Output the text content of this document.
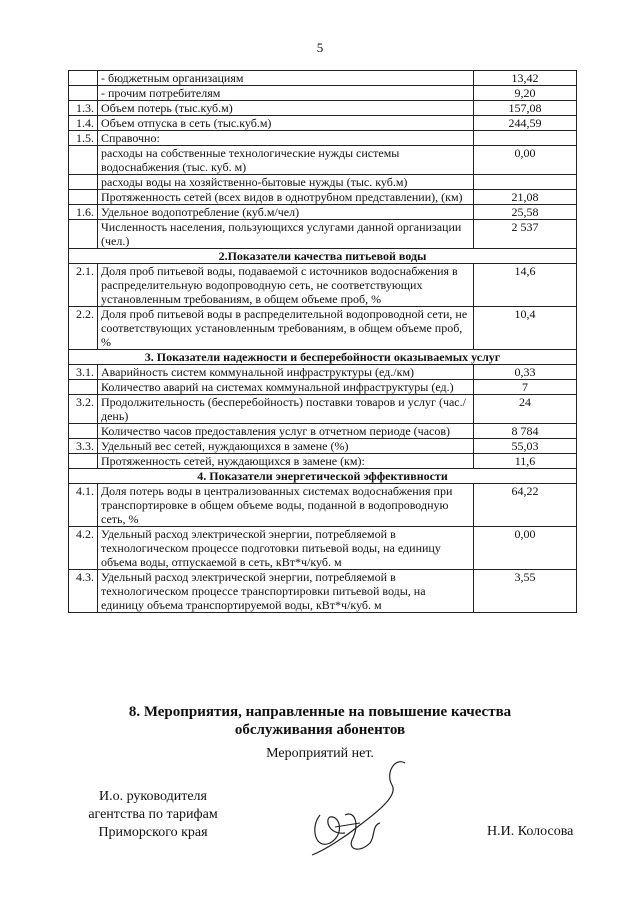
5
	- бюджетным организациям	13,42
	- прочим потребителям	9,20
1.3.	Объем потерь (тыс.куб.м)	157,08
1.4.	Объем отпуска в сеть (тыс.куб.м)	244,59
1.5.	Справочно:	
	расходы на собственные технологические нужды системы водоснабжения (тыс. куб. м)	0,00
	расходы воды на хозяйственно-бытовые нужды (тыс. куб.м)	
	Протяженность сетей (всех видов в однотрубном представлении), (км)	21,08
1.6.	Удельное водопотребление (куб.м/чел)	25,58
	Численность населения, пользующихся услугами данной организации (чел.)	2 537
2.Показатели качества питьевой воды		
2.1.	Доля проб питьевой воды, подаваемой с источников водоснабжения в распределительную водопроводную сеть, не соответствующих установленным требованиям, в общем объеме проб, %	14,6
2.2.	Доля проб питьевой воды в распределительной водопроводной сети, не соответствующих установленным требованиям, в общем объеме проб, %	10,4
3. Показатели надежности и бесперебойности оказываемых услуг		
3.1.	Аварийность систем коммунальной инфраструктуры (ед./км)	0,33
	Количество аварий на системах коммунальной инфраструктуры (ед.)	7
3.2.	Продолжительность (бесперебойность) поставки товаров и услуг (час./день)	24
	Количество часов предоставления услуг в отчетном периоде (часов)	8 784
3.3.	Удельный вес сетей, нуждающихся в замене (%)	55,03
	Протяженность сетей, нуждающихся в замене (км):	11,6
4. Показатели энергетической эффективности		
4.1.	Доля потерь воды в централизованных системах водоснабжения при транспортировке в общем объеме воды, поданной в водопроводную сеть, %	64,22
4.2.	Удельный расход электрической энергии, потребляемой в технологическом процессе подготовки питьевой воды, на единицу объема воды, отпускаемой в сеть, кВт*ч/куб. м	0,00
4.3.	Удельный расход электрической энергии, потребляемой в технологическом процессе транспортировки питьевой воды, на единицу объема транспортируемой воды, кВт*ч/куб. м	3,55
8. Мероприятия, направленные на повышение качества
обслуживания абонентов
Мероприятий нет.
И.о. руководителя
агентства по тарифам
Приморского края	Н.И. Колосова
